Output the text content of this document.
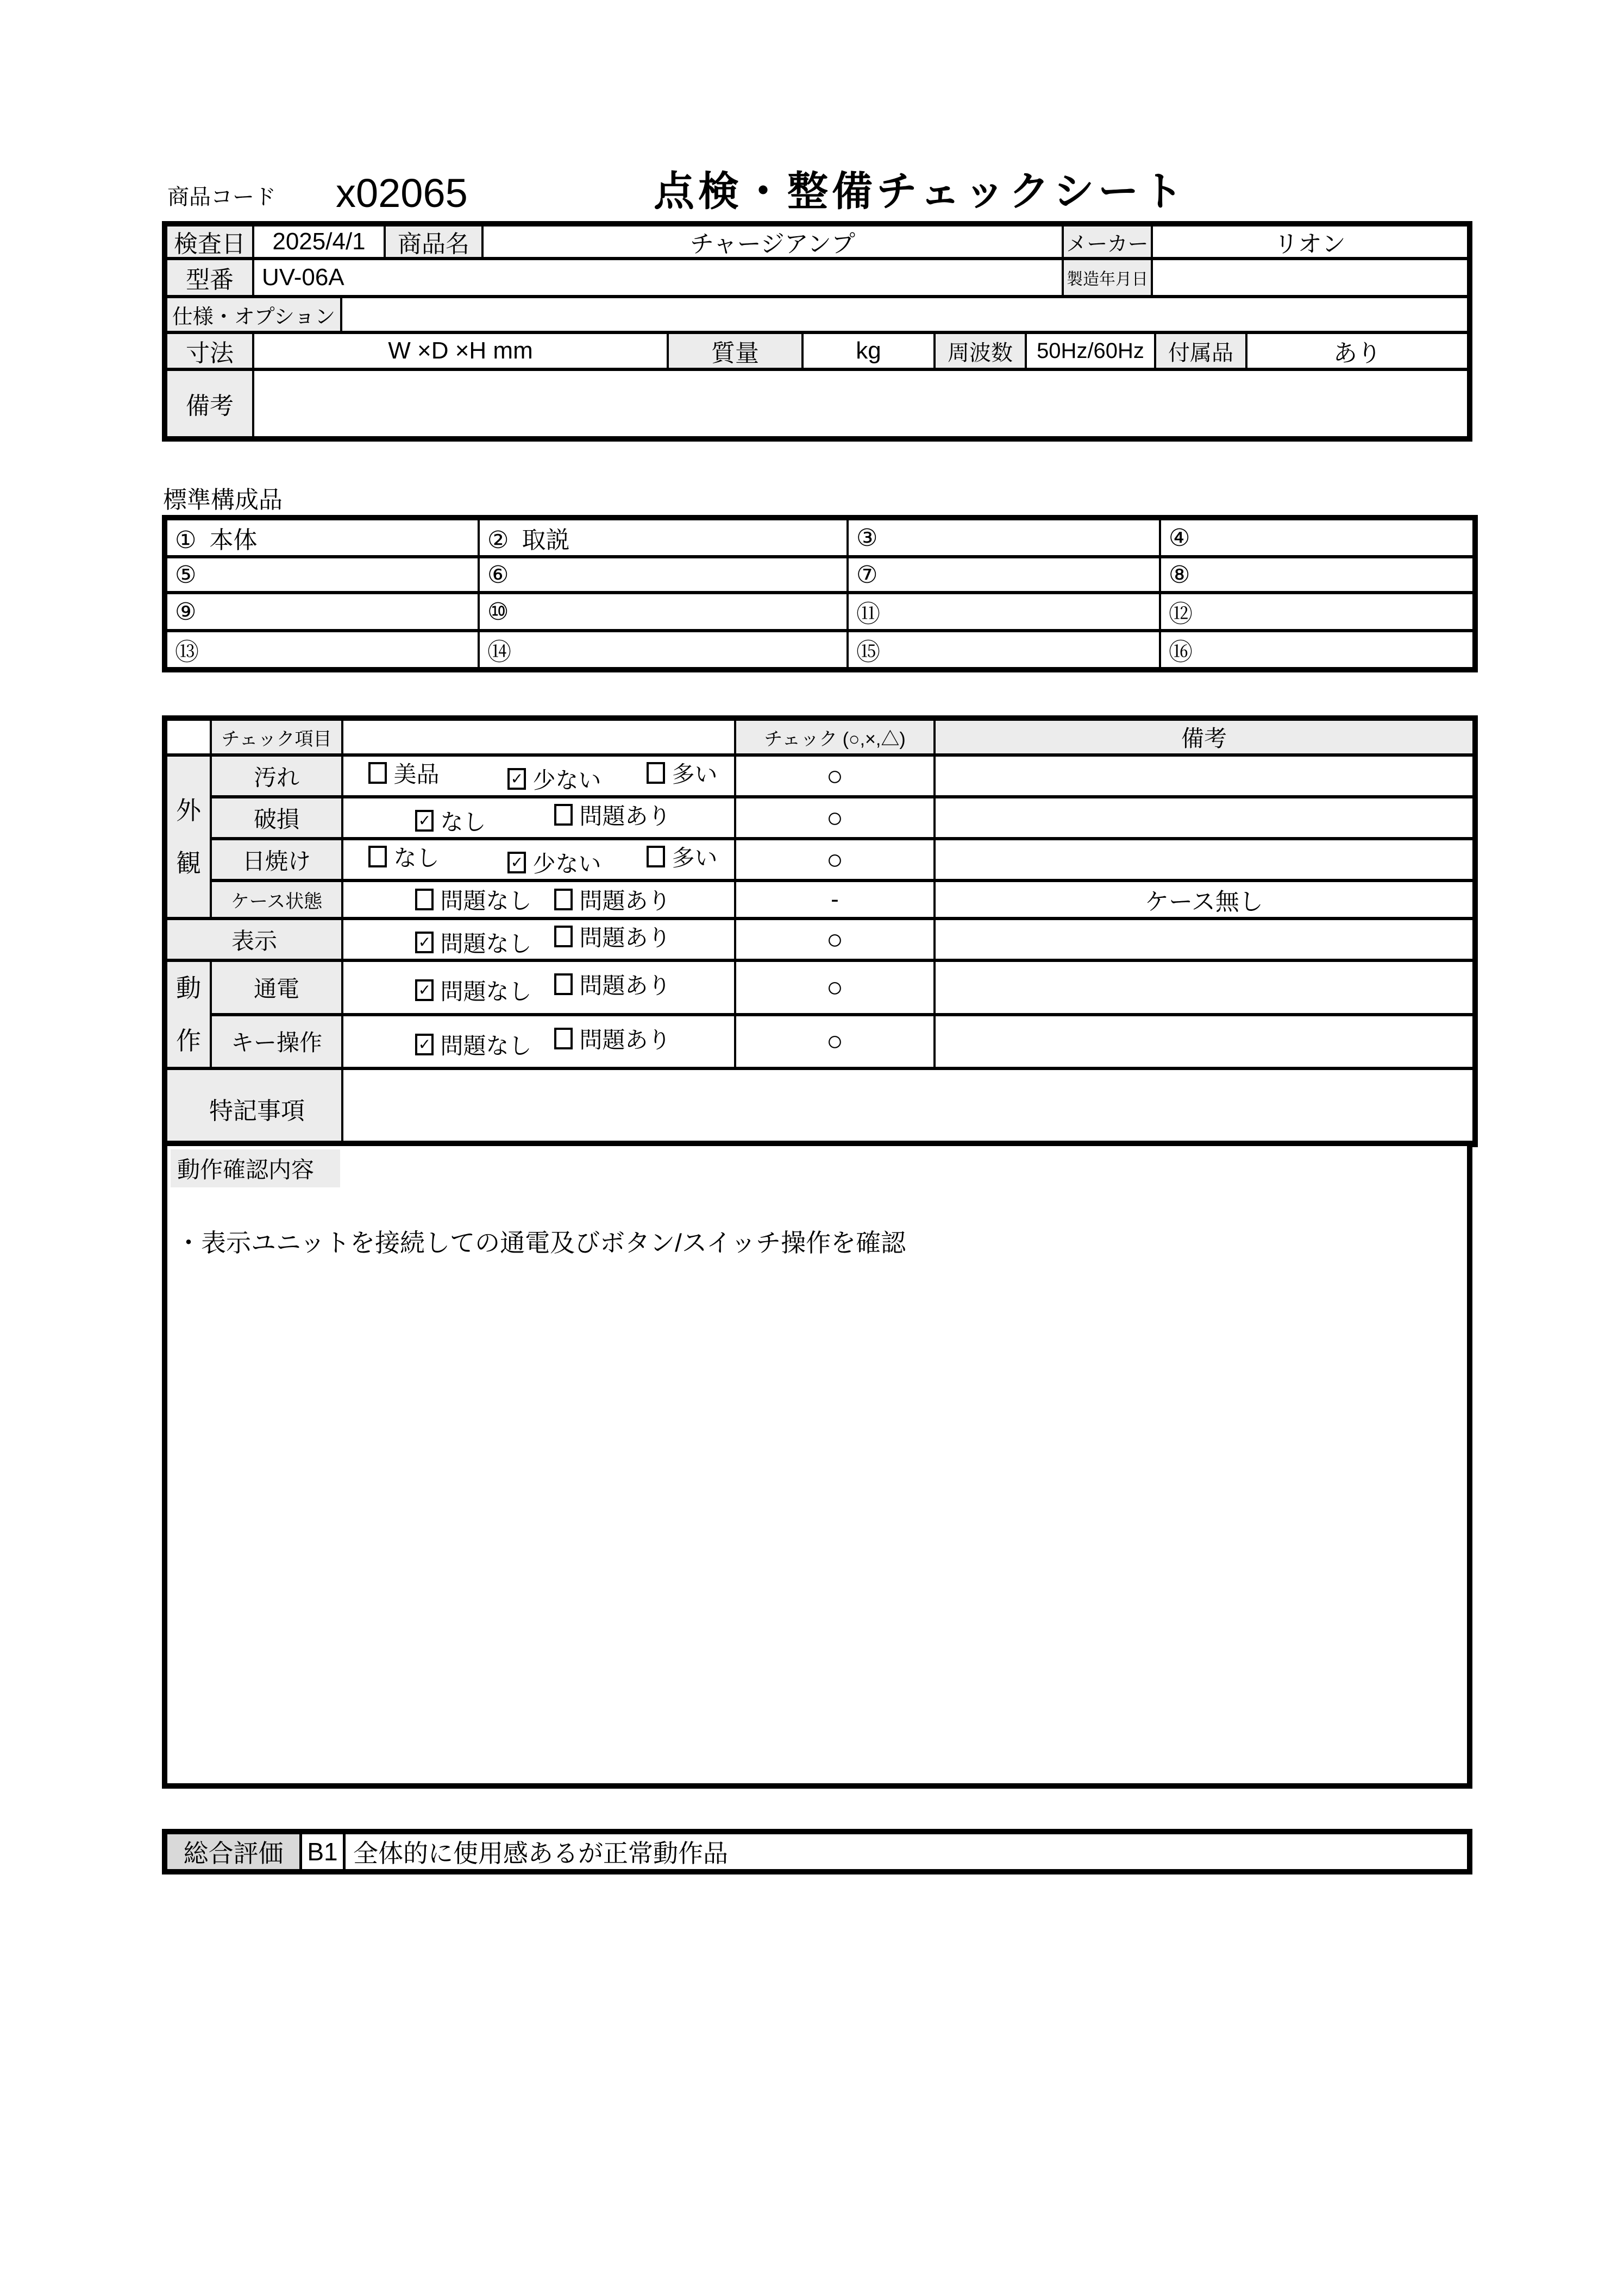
商品コード x02065	点検・整備チェックシート
検査日	2025/4/1	商品名	チャージアンプ	メーカー	リオン
型番	UV-06A	製造年月日
仕様・オプション
寸法	W ×D ×H mm	質量	kg	周波数	50Hz/60Hz	付属品	あり
備考
標準構成品
① 本体	② 取説	③	④
⑤	⑥	⑦	⑧
⑨	⑩	⑪	⑫
⑬	⑭	⑮	⑯
	チェック項目		チェック (○,×,△)	備考

外観	汚れ	美品 ✓ 少ない 多い	○	
	破損	✓ なし 問題あり	○	
	日焼け	なし ✓ 少ない 多い	○	
	ケース状態	問題なし 問題あり	-	ケース無し
表示		✓ 問題なし 問題あり	○	

動作	通電	✓ 問題なし 問題あり	○	
	キー操作	✓ 問題なし 問題あり	○	
特記事項				
動作確認内容
・表示ユニットを接続しての通電及びボタン/スイッチ操作を確認
総合評価 B1 全体的に使用感あるが正常動作品
